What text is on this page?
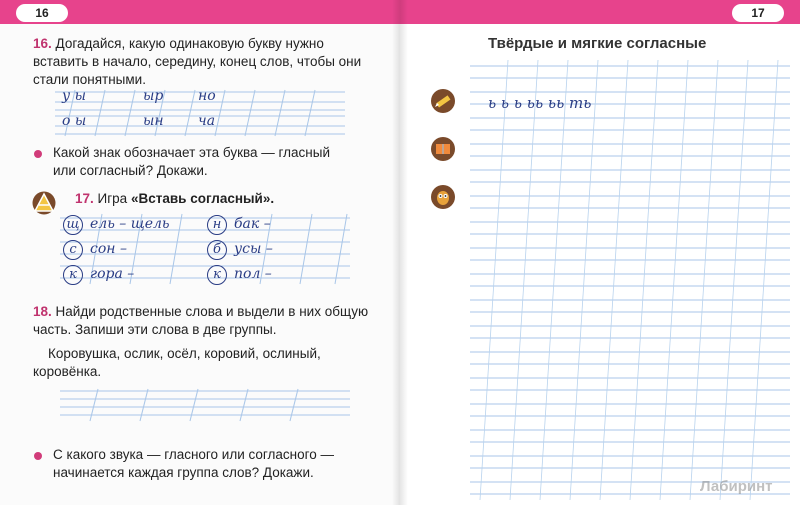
16
16. Догадайся, какую одинаковую букву нужно
вставить в начало, середину, конец слов, чтобы они
стали понятными.
у ы	ыр но
о ы	ын ча
Какой знак обозначает эта буква — гласный
или согласный? Докажи.
17. Игра «Вставь согласный».
щ ель – щель	н бак –
с сон –	б усы –
к гора –	к пол –
18. Найди родственные слова и выдели в них общую
часть. Запиши эти слова в две группы.
Коровушка, ослик, осёл, коровий, ослиный,
коровёнка.
С какого звука — гласного или согласного —
начинается каждая группа слов? Докажи.
17
Твёрдые и мягкие согласные
ь ь ь ьь ьь ть
Лабиринт
